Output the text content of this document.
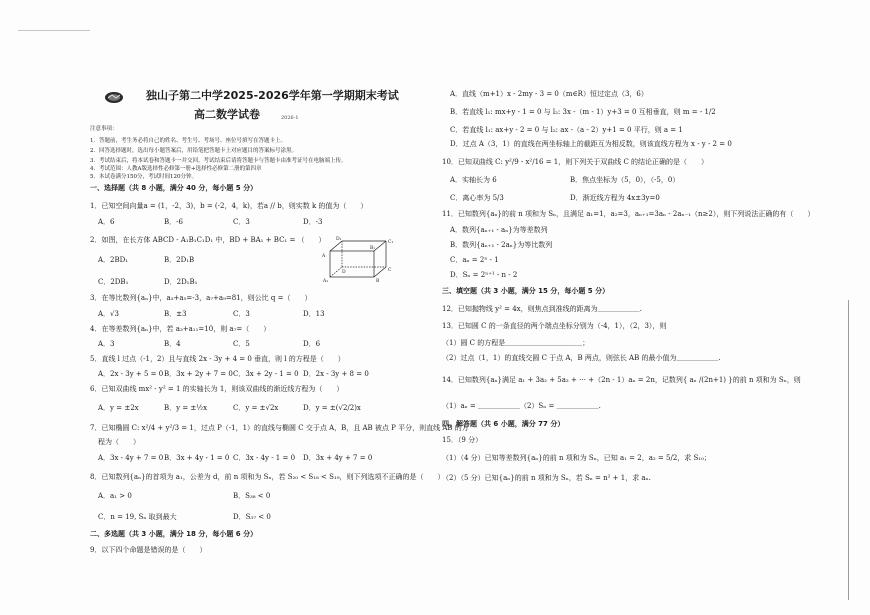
独山子第二中学2025-2026学年第一学期期末考试
高二数学试卷	2026-1
注意事项：
1．答题前，考生务必将自己的姓名、考生号、考场号、座位号填写在答题卡上。
2．回答选择题时，选出每小题答案后，用铅笔把答题卡上对应题目的答案标号涂黑。
3．考试结束后，将本试卷和答题卡一并交回。考试结束后请将答题卡与答题卡由准考证号在电脑端上传。
4．考试范围：人教A版选择性必修第一册+选择性必修第二册的第四章
5．本试卷满分150分，考试时间120分钟。
一、选择题（共 8 小题，满分 40 分，每小题 5 分）
1．已知空间向量a = (1，-2，3)，b = (-2，4，k)，若a // b，则实数 k 的值为（　　）
A．6	B．-6	C．3	D．-3
2．如图，在长方体 ABCD - A₁B₁C₁D₁ 中，BD + BA₁ + BC₁ = （　　）
A．2BD₁	B．2D₁B
C．2DB₁	D．2D₁B₁
3．在等比数列{aₙ}中，a₃+a₅=-3，a₇+a₉=81，则公比 q =（　　）
A．√3	B．±3	C．3	D．13
4．在等差数列{aₙ}中，若 a₃+a₁₁=10，则 a₇=（　　）
A．3	B．4	C．5	D．6
5．直线 l 过点（-1，2）且与直线 2x - 3y + 4 = 0 垂直，则 l 的方程是（　　）
A．2x - 3y + 5 = 0 B．3x + 2y + 7 = 0 C．3x + 2y - 1 = 0 D．2x - 3y + 8 = 0
6．已知双曲线 mx² - y² = 1 的实轴长为 1，则该双曲线的渐近线方程为（　　）
A．y = ±2x	B．y = ±½x	C．y = ±√2x	D．y = ±(√2/2)x
7．已知椭圆 C: x²/4 + y²/3 = 1，过点 P（-1，1）的直线与椭圆 C 交于点 A，B，且 AB 被点 P 平分，则直线 AB 的方
程为（　　）
A．3x - 4y + 7 = 0 B．3x + 4y - 1 = 0 C．3x - 4y - 1 = 0 D．3x + 4y + 7 = 0
8．已知数列{aₙ}的首项为 a₁，公差为 d，前 n 项和为 Sₙ，若 S₂₀ < S₁₈ < S₁₉，则下列选项不正确的是（　　）
A．a₁ > 0	B．S₃₈ < 0
C．n = 19, Sₙ 取到最大	D．S₃₇ < 0
二、多选题（共 3 小题，满分 18 分，每小题 6 分）
9．以下四个命题是错误的是（　　）
A
B
C
D
A₁
B₁
C₁
D₁
A．直线（m+1）x - 2my - 3 = 0（m∈R）恒过定点（3，6）
B．若直线 l₁: mx+y - 1 = 0 与 l₂: 3x -（m - 1）y+3 = 0 互相垂直，则 m = - 1/2
C．若直线 l₁: ax+y - 2 = 0 与 l₂: ax -（a - 2）y+1 = 0 平行，则 a = 1
D．过点 A（3，1）的直线在两坐标轴上的截距互为相反数，则该直线方程为 x - y - 2 = 0
10．已知双曲线 C: y²/9 - x²/16 = 1，则下列关于双曲线 C 的结论正确的是（　　）
A．实轴长为 6	B．焦点坐标为（5，0），（-5，0）
C．离心率为 5/3	D．渐近线方程为 4x±3y=0
11．已知数列{aₙ}的前 n 项和为 Sₙ，且满足 a₁=1，a₂=3，aₙ₊₁=3aₙ - 2aₙ₋₁（n≥2），则下列说法正确的有（　　）
A．数列{aₙ₊₁ - aₙ}为等差数列
B．数列{aₙ₊₁ - 2aₙ}为等比数列
C．aₙ = 2ⁿ - 1
D．Sₙ = 2ⁿ⁺¹ - n - 2
三、填空题（共 3 小题，满分 15 分，每小题 5 分）
12．已知抛物线 y² = 4x，则焦点到准线的距离为＿＿＿＿＿＿.
13．已知圆 C 的一条直径的两个端点坐标分别为（-4，1），（2，3），则
（1）圆 C 的方程是＿＿＿＿＿＿＿＿＿＿＿；
（2）过点（1，1）的直线交圆 C 于点 A，B 两点，则弦长 AB 的最小值为＿＿＿＿＿＿.
14．已知数列{aₙ}满足 a₁ + 3a₂ + 5a₃ + ⋯ +（2n - 1）aₙ = 2n，记数列{ aₙ /(2n+1) }的前 n 项和为 Sₙ，则
（1）aₙ = ＿＿＿＿＿＿（2）Sₙ = ＿＿＿＿＿＿.
四、解答题（共 6 小题，满分 77 分）
15．（9 分）
（1）（4 分）已知等差数列{aₙ}的前 n 项和为 Sₙ，已知 a₁ = 2，a₂ = 5/2，求 S₁₀；
（2）（5 分）已知{aₙ}的前 n 项和为 Sₙ，若 Sₙ = n² + 1，求 aₙ.
